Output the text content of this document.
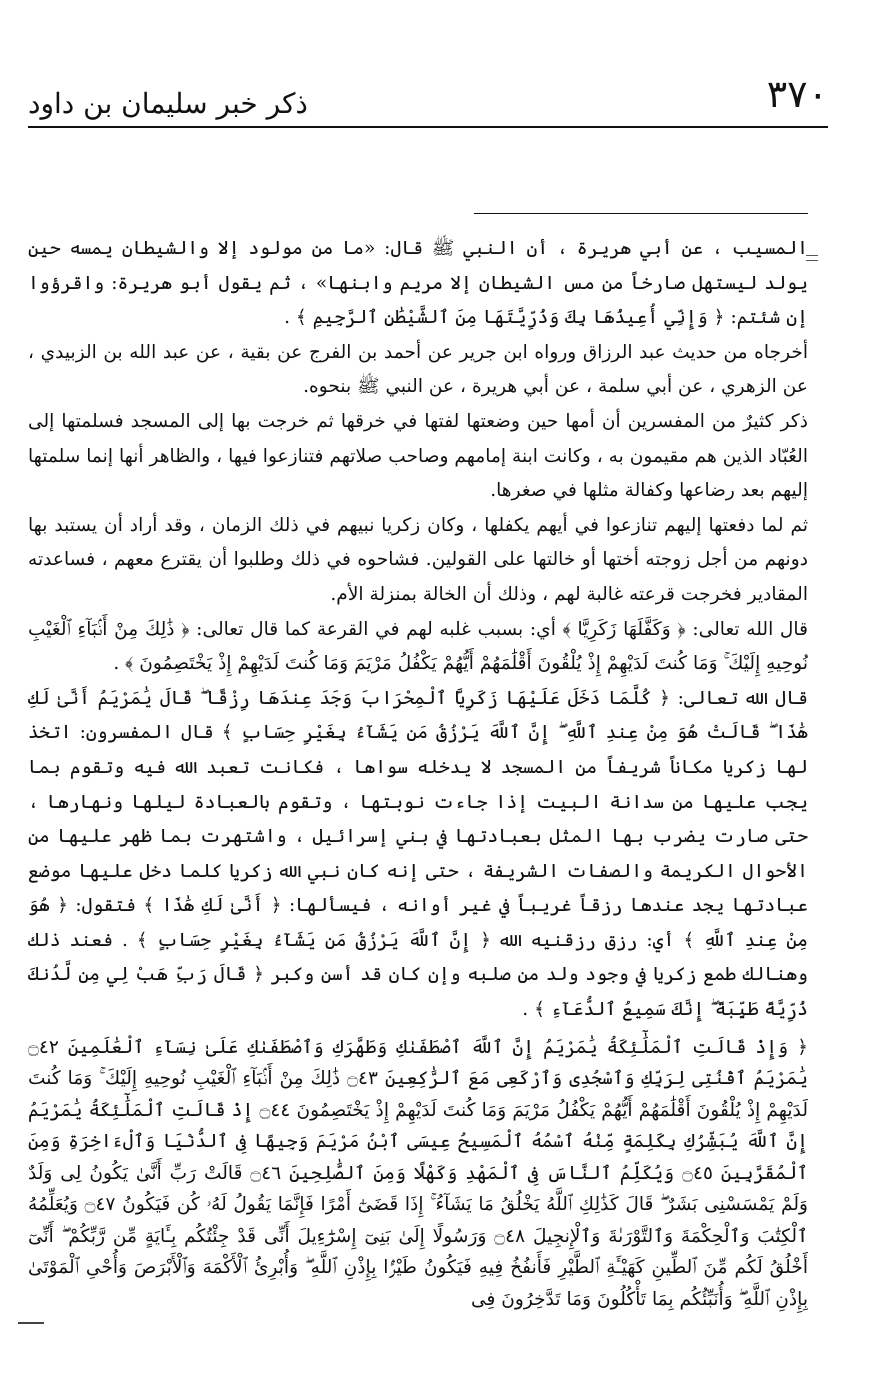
٣٧٠
ذكر خبر سليمان بن داود

المسيب ، عن أبي هريرة ، أن النبي ﷺ قال: «ما من مولود إلا والشيطان يمسه حين يولد ليستهل صارخاً من مس الشيطان إلا مريم وابنها» ، ثم يقول أبو هريرة: واقرؤوا إن شئتم: ﴿ وَإِنِّي أُعِيذُهَا بِكَ وَذُرِّيَّتَهَا مِنَ ٱلشَّيْطَٰنِ ٱلرَّجِيمِ ﴾ .

أخرجاه من حديث عبد الرزاق ورواه ابن جرير عن أحمد بن الفرج عن بقية ، عن عبد الله بن الزبيدي ، عن الزهري ، عن أبي سلمة ، عن أبي هريرة ، عن النبي ﷺ بنحوه.

ذكر كثيرٌ من المفسرين أن أمها حين وضعتها لفتها في خرقها ثم خرجت بها إلى المسجد فسلمتها إلى العُبّاد الذين هم مقيمون به ، وكانت ابنة إمامهم وصاحب صلاتهم فتنازعوا فيها ، والظاهر أنها إنما سلمتها إليهم بعد رضاعها وكفالة مثلها في صغرها.

ثم لما دفعتها إليهم تنازعوا في أيهم يكفلها ، وكان زكريا نبيهم في ذلك الزمان ، وقد أراد أن يستبد بها دونهم من أجل زوجته أختها أو خالتها على القولين. فشاحوه في ذلك وطلبوا أن يقترع معهم ، فساعدته المقادير فخرجت قرعته غالبة لهم ، وذلك أن الخالة بمنزلة الأم.

قال الله تعالى: ﴿ وَكَفَّلَهَا زَكَرِيَّا ﴾ أي: بسبب غلبه لهم في القرعة كما قال تعالى: ﴿ ذَٰلِكَ مِنْ أَنۢبَآءِ ٱلْغَيْبِ نُوحِيهِ إِلَيْكَ ۚ وَمَا كُنتَ لَدَيْهِمْ إِذْ يُلْقُونَ أَقْلَٰمَهُمْ أَيُّهُمْ يَكْفُلُ مَرْيَمَ وَمَا كُنتَ لَدَيْهِمْ إِذْ يَخْتَصِمُونَ ﴾ .

قال الله تعالى: ﴿ كُلَّمَا دَخَلَ عَلَيْهَا زَكَرِيَّا ٱلْمِحْرَابَ وَجَدَ عِندَهَا رِزْقًا ۖ قَالَ يَٰمَرْيَمُ أَنَّىٰ لَكِ هَٰذَا ۖ قَالَتْ هُوَ مِنْ عِندِ ٱللَّهِ ۖ إِنَّ ٱللَّهَ يَرْزُقُ مَن يَشَآءُ بِغَيْرِ حِسَابٍ ﴾ قال المفسرون: اتخذ لها زكريا مكاناً شريفاً من المسجد لا يدخله سواها ، فكانت تعبد الله فيه وتقوم بما يجب عليها من سدانة البيت إذا جاءت نوبتها ، وتقوم بالعبادة ليلها ونهارها ، حتى صارت يضرب بها المثل بعبادتها في بني إسرائيل ، واشتهرت بما ظهر عليها من الأحوال الكريمة والصفات الشريفة ، حتى إنه كان نبي الله زكريا كلما دخل عليها موضع عبادتها يجد عندها رزقاً غريباً في غير أوانه ، فيسألها: ﴿ أَنَّىٰ لَكِ هَٰذَا ﴾ فتقول: ﴿ هُوَ مِنْ عِندِ ٱللَّهِ ﴾ أي: رزق رزقنيه الله ﴿ إِنَّ ٱللَّهَ يَرْزُقُ مَن يَشَآءُ بِغَيْرِ حِسَابٍ ﴾ . فعند ذلك وهنالك طمع زكريا في وجود ولد من صلبه وإن كان قد أسن وكبر ﴿ قَالَ رَبِّ هَبْ لِي مِن لَّدُنكَ ذُرِّيَّةً طَيِّبَةً ۖ إِنَّكَ سَمِيعُ ٱلدُّعَآءِ ﴾ .

﴿ وَإِذْ قَالَتِ ٱلْمَلَٰٓئِكَةُ يَٰمَرْيَمُ إِنَّ ٱللَّهَ ٱصْطَفَىٰكِ وَطَهَّرَكِ وَٱصْطَفَىٰكِ عَلَىٰ نِسَآءِ ٱلْعَٰلَمِينَ ۝٤٢ يَٰمَرْيَمُ ٱقْنُتِى لِرَبِّكِ وَٱسْجُدِى وَٱرْكَعِى مَعَ ٱلرَّٰكِعِينَ ۝٤٣ ذَٰلِكَ مِنْ أَنۢبَآءِ ٱلْغَيْبِ نُوحِيهِ إِلَيْكَ ۚ وَمَا كُنتَ لَدَيْهِمْ إِذْ يُلْقُونَ أَقْلَٰمَهُمْ أَيُّهُمْ يَكْفُلُ مَرْيَمَ وَمَا كُنتَ لَدَيْهِمْ إِذْ يَخْتَصِمُونَ ۝٤٤ إِذْ قَالَتِ ٱلْمَلَٰٓئِكَةُ يَٰمَرْيَمُ إِنَّ ٱللَّهَ يُبَشِّرُكِ بِكَلِمَةٍ مِّنْهُ ٱسْمُهُ ٱلْمَسِيحُ عِيسَى ٱبْنُ مَرْيَمَ وَجِيهًا فِى ٱلدُّنْيَا وَٱلْءَاخِرَةِ وَمِنَ ٱلْمُقَرَّبِينَ ۝٤٥ وَيُكَلِّمُ ٱلنَّاسَ فِى ٱلْمَهْدِ وَكَهْلًا وَمِنَ ٱلصَّٰلِحِينَ ۝٤٦ قَالَتْ رَبِّ أَنَّىٰ يَكُونُ لِى وَلَدٌ وَلَمْ يَمْسَسْنِى بَشَرٌ ۖ قَالَ كَذَٰلِكِ ٱللَّهُ يَخْلُقُ مَا يَشَآءُ ۚ إِذَا قَضَىٰٓ أَمْرًا فَإِنَّمَا يَقُولُ لَهُۥ كُن فَيَكُونُ ۝٤٧ وَيُعَلِّمُهُ ٱلْكِتَٰبَ وَٱلْحِكْمَةَ وَٱلتَّوْرَىٰةَ وَٱلْإِنجِيلَ ۝٤٨ وَرَسُولًا إِلَىٰ بَنِىٓ إِسْرَٰٓءِيلَ أَنِّى قَدْ جِئْتُكُم بِـَٔايَةٍ مِّن رَّبِّكُمْ ۖ أَنِّىٓ أَخْلُقُ لَكُم مِّنَ ٱلطِّينِ كَهَيْـَٔةِ ٱلطَّيْرِ فَأَنفُخُ فِيهِ فَيَكُونُ طَيْرًۢا بِإِذْنِ ٱللَّهِ ۖ وَأُبْرِئُ ٱلْأَكْمَهَ وَٱلْأَبْرَصَ وَأُحْىِ ٱلْمَوْتَىٰ بِإِذْنِ ٱللَّهِ ۖ وَأُنَبِّئُكُم بِمَا تَأْكُلُونَ وَمَا تَدَّخِرُونَ فِى
